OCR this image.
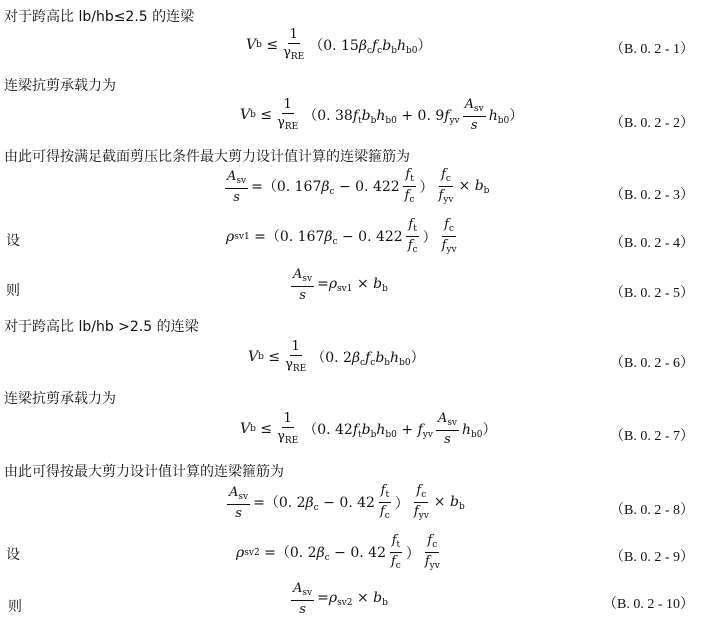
对于跨高比 lb/hb≤2.5 的连梁
V $b \le \frac{1}{\gamma_{RE}} (0$. $15\beta_cf_cb_bh_{b0}$）	（B. 0. 2 - 1）
连梁抗剪承载力为
V $b \le \frac{1}{\gamma_{RE}} (0$. $38f_tb_bh_{b0} + 0$. $9f_{yv} \frac{A_{sv}}{s} h_{b0}$）	（B. 0. 2 - 2）
由此可得按满足截面剪压比条件最大剪力设计值计算的连梁箍筋为
$\frac{A_{sv}}{s} =(0$. $167\beta_c - 0$. $422 \frac{f_t}{f_c}$ ） $\frac{f_c}{f_{yv}} \times b_b$	（B. 0. 2 - 3）
设	ρ sv1 =（0. $167\beta_c - 0$. $422 \frac{f_t}{f_c}$ ） $\frac{f_c}{f_{yv}}$	（B. 0. 2 - 4）
则	$\frac{A_{sv}}{s} =\rho_{sv1} \times b_b$	（B. 0. 2 - 5）
对于跨高比 lb/hb >2.5 的连梁
V $b \le \frac{1}{\gamma_{RE}} (0$. $2\beta_cf_cb_bh_{b0}$）	（B. 0. 2 - 6）
连梁抗剪承载力为
V $b \le \frac{1}{\gamma_{RE}} (0$. $42f_tb_bh_{b0} + f_{yv} \frac{A_{sv}}{s} h_{b0}$）	（B. 0. 2 - 7）
由此可得按最大剪力设计值计算的连梁箍筋为
$\frac{A_{sv}}{s} =(0$. $2\beta_c - 0$. $42 \frac{f_t}{f_c}$ ） $\frac{f_c}{f_{yv}} \times b_b$	（B. 0. 2 - 8）
设	ρ sv2 =（0. $2\beta_c - 0$. $42 \frac{f_t}{f_c}$ ） $\frac{f_c}{f_{yv}}$	（B. 0. 2 - 9）
则	$\frac{A_{sv}}{s} =\rho_{sv2} \times b_b$	（B. 0. 2 - 10）
